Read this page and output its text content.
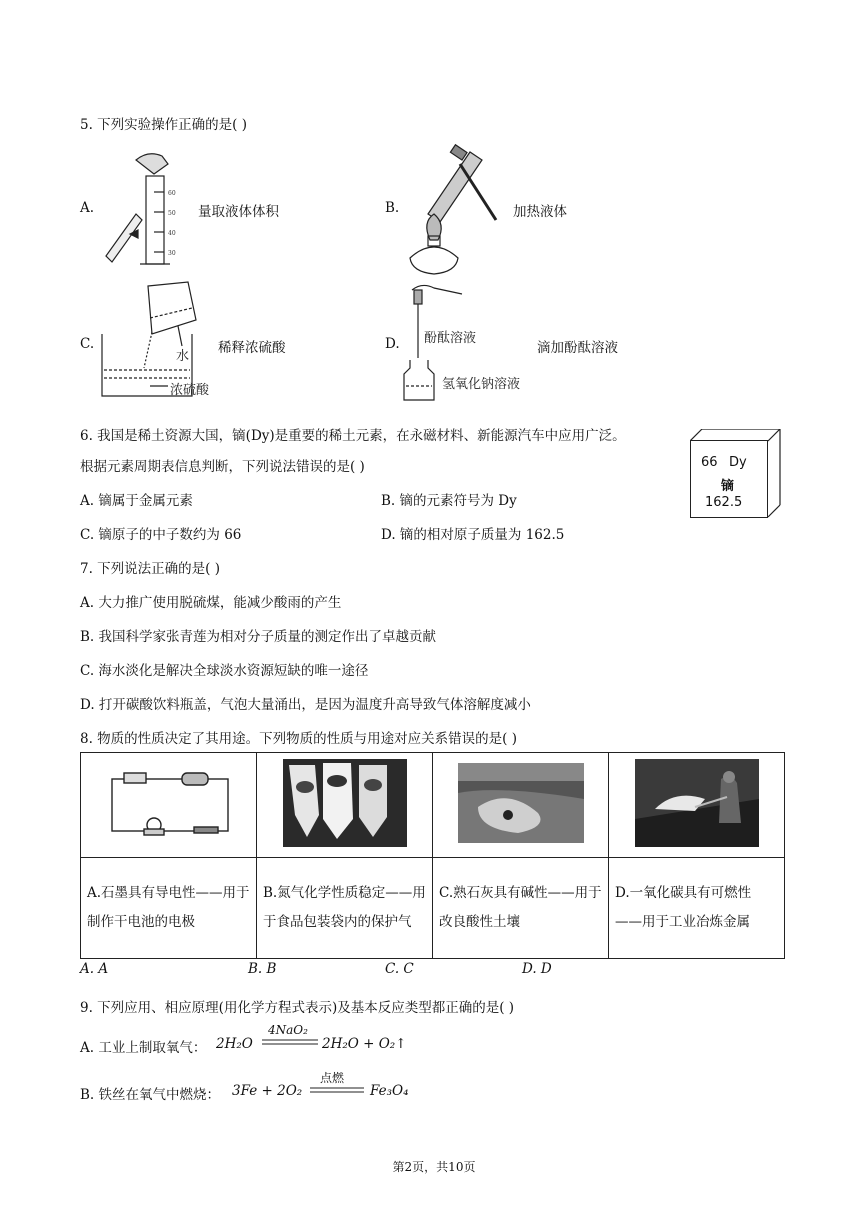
5. 下列实验操作正确的是( )
A.
60
50
40
30
量取液体体积	B.	加热液体
C.
水
浓硫酸
稀释浓硫酸	D. 酚酞溶液
氢氧化钠溶液
滴加酚酞溶液
6. 我国是稀土资源大国，镝(Dy)是重要的稀土元素，在永磁材料、新能源汽车中应用广泛。
根据元素周期表信息判断，下列说法错误的是( )	66 Dy
镝
162.5
A. 镝属于金属元素	B. 镝的元素符号为 Dy
C. 镝原子的中子数约为 66	D. 镝的相对原子质量为 162.5
7. 下列说法正确的是( )
A. 大力推广使用脱硫煤，能减少酸雨的产生
B. 我国科学家张青莲为相对分子质量的测定作出了卓越贡献
C. 海水淡化是解决全球淡水资源短缺的唯一途径
D. 打开碳酸饮料瓶盖，气泡大量涌出，是因为温度升高导致气体溶解度减小
8. 物质的性质决定了其用途。下列物质的性质与用途对应关系错误的是( )

A.石墨具有导电性——用于制作干电池的电极	B.氮气化学性质稳定——用于食品包装袋内的保护气	C.熟石灰具有碱性——用于改良酸性土壤	D.一氧化碳具有可燃性——用于工业冶炼金属
A. A	B. B	C. C	D. D
9. 下列应用、相应原理(用化学方程式表示)及基本反应类型都正确的是( )
A. 工业上制取氧气： 2H₂O
4NaO₂
2H₂O + O₂↑
B. 铁丝在氧气中燃烧： 3Fe + 2O₂
点燃
Fe₃O₄
第2页，共10页
